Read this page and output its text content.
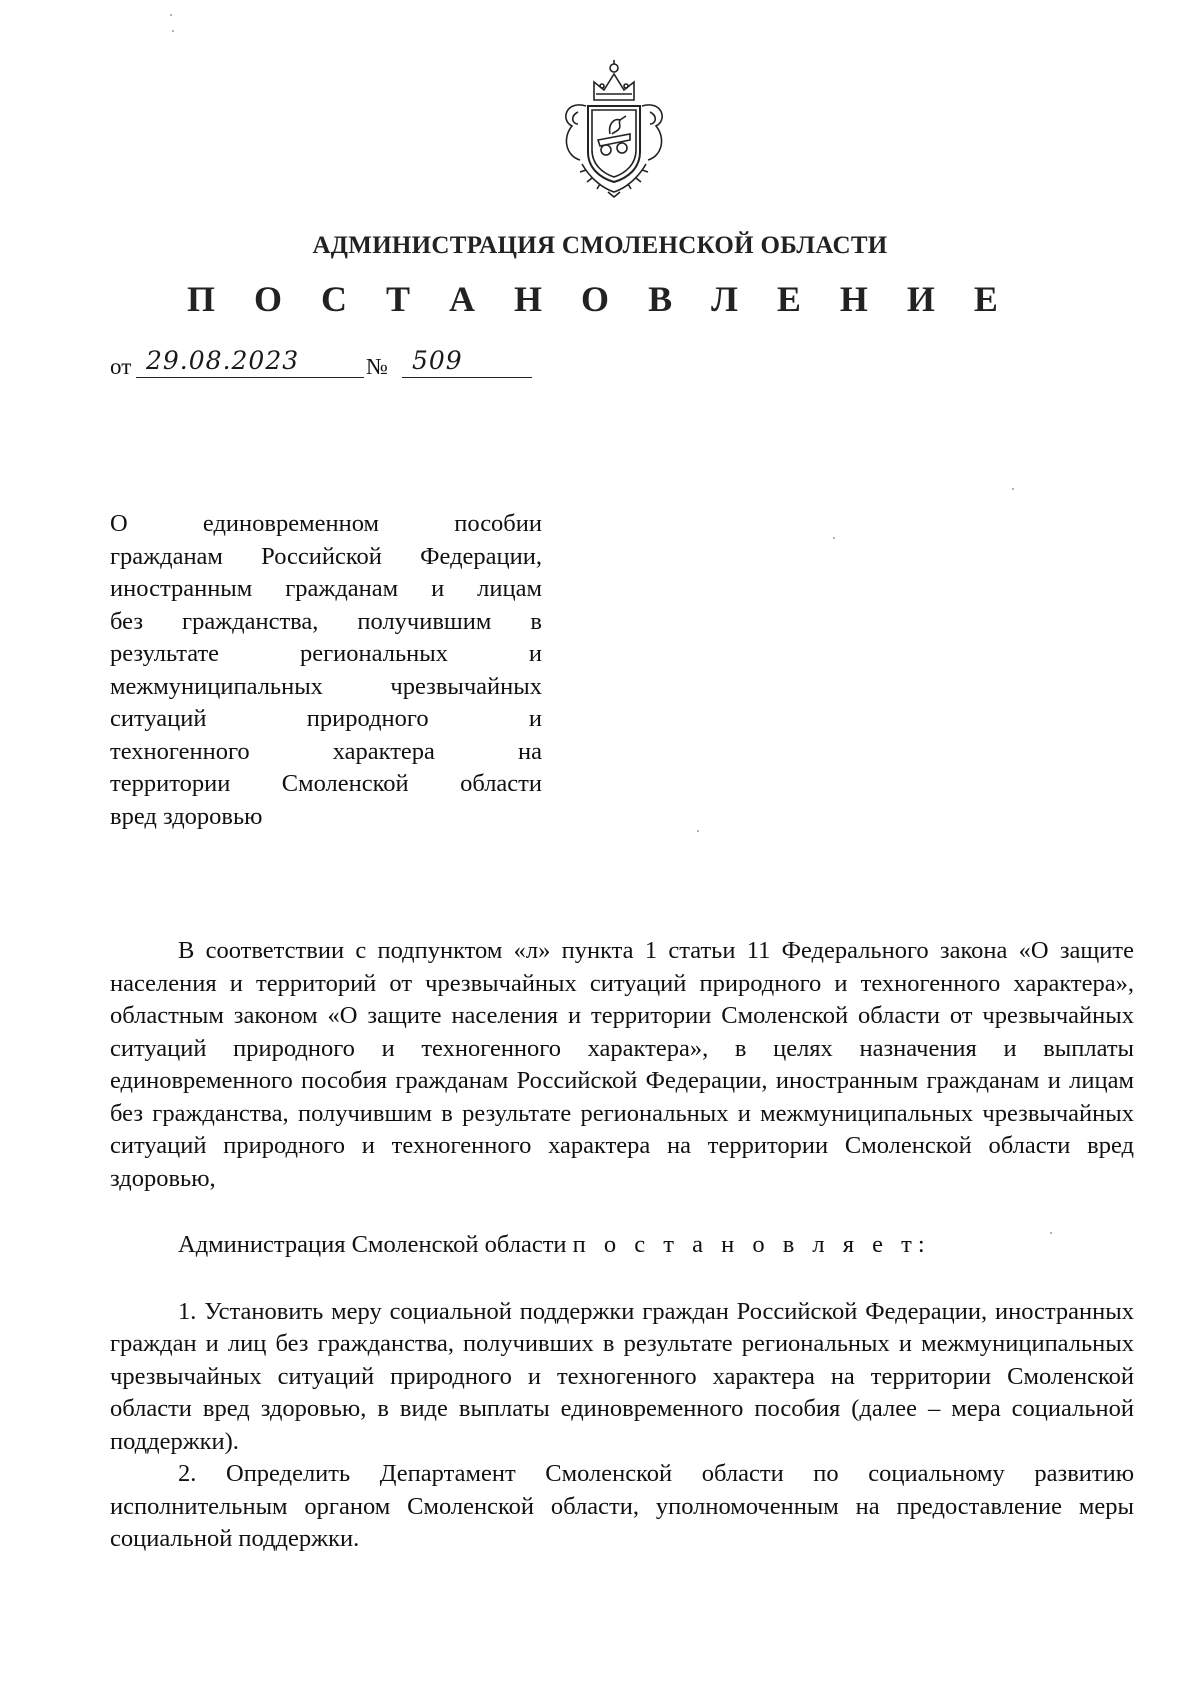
АДМИНИСТРАЦИЯ СМОЛЕНСКОЙ ОБЛАСТИ
П О С Т А Н О В Л Е Н И Е
от 29.08.2023	№ 509
О единовременном пособии
гражданам Российской Федерации,
иностранным гражданам и лицам
без гражданства, получившим в
результате региональных и
межмуниципальных чрезвычайных
ситуаций природного и
техногенного характера на
территории Смоленской области
вред здоровью

В соответствии с подпунктом «л» пункта 1 статьи 11 Федерального закона «О защите населения и территорий от чрезвычайных ситуаций природного и техногенного характера», областным законом «О защите населения и территории Смоленской области от чрезвычайных ситуаций природного и техногенного характера», в целях назначения и выплаты единовременного пособия гражданам Российской Федерации, иностранным гражданам и лицам без гражданства, получившим в результате региональных и межмуниципальных чрезвычайных ситуаций природного и техногенного характера на территории Смоленской области вред здоровью,

Администрация Смоленской области п о с т а н о в л я е т:

1. Установить меру социальной поддержки граждан Российской Федерации, иностранных граждан и лиц без гражданства, получивших в результате региональных и межмуниципальных чрезвычайных ситуаций природного и техногенного характера на территории Смоленской области вред здоровью, в виде выплаты единовременного пособия (далее – мера социальной поддержки).

2. Определить Департамент Смоленской области по социальному развитию исполнительным органом Смоленской области, уполномоченным на предоставление меры социальной поддержки.
